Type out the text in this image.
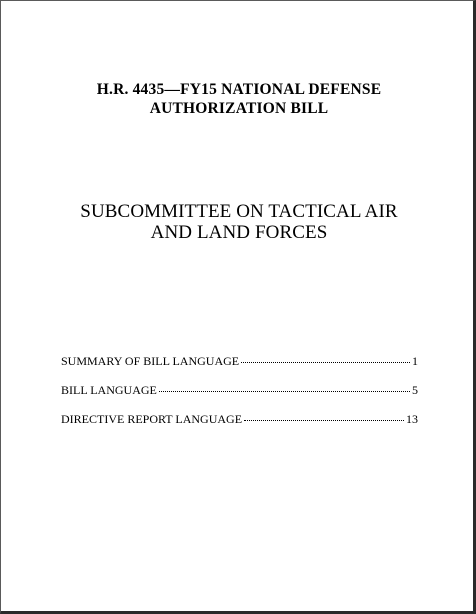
H.R. 4435—FY15 NATIONAL DEFENSE
AUTHORIZATION BILL
SUBCOMMITTEE ON TACTICAL AIR
AND LAND FORCES
SUMMARY OF BILL LANGUAGE	1
BILL LANGUAGE	5
DIRECTIVE REPORT LANGUAGE	13
